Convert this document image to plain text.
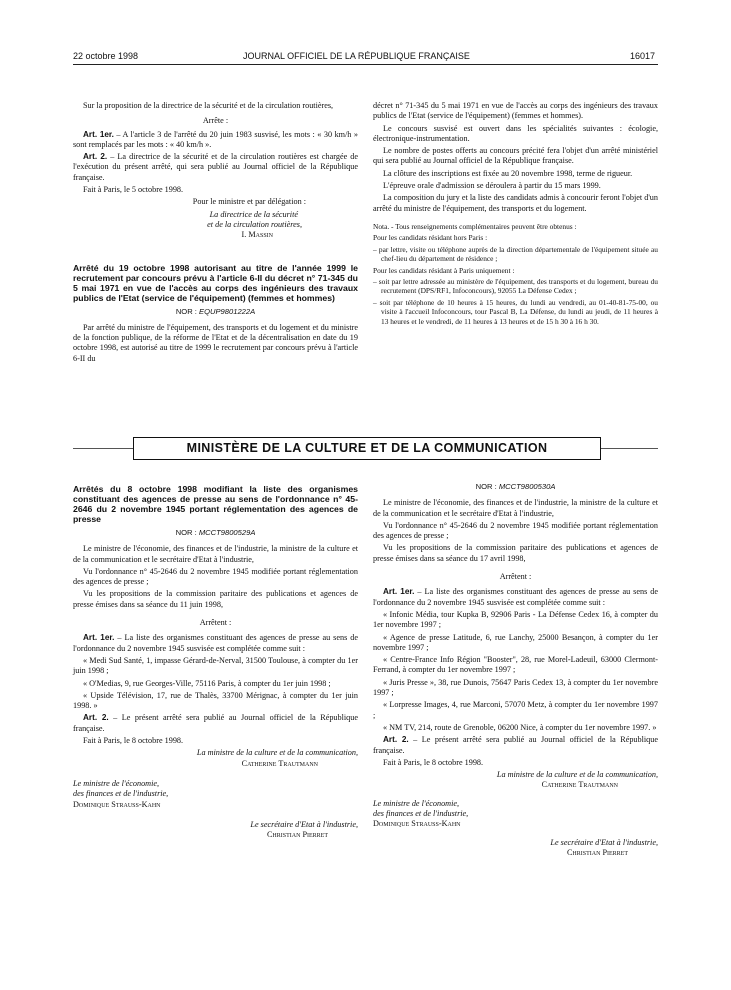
22 octobre 1998	JOURNAL OFFICIEL DE LA RÉPUBLIQUE FRANÇAISE	16017

Sur la proposition de la directrice de la sécurité et de la circulation routières,

Arrête :

Art. 1er. – A l'article 3 de l'arrêté du 20 juin 1983 susvisé, les mots : « 30 km/h » sont remplacés par les mots : « 40 km/h ».

Art. 2. – La directrice de la sécurité et de la circulation routières est chargée de l'exécution du présent arrêté, qui sera publié au Journal officiel de la République française.

Fait à Paris, le 5 octobre 1998.

Pour le ministre et par délégation :

La directrice de la sécurité

et de la circulation routières,

I. Massin

Arrêté du 19 octobre 1998 autorisant au titre de l'année 1999 le recrutement par concours prévu à l'article 6-II du décret n° 71-345 du 5 mai 1971 en vue de l'accès au corps des ingénieurs des travaux publics de l'Etat (service de l'équipement) (femmes et hommes)

NOR : EQUP9801222A

Par arrêté du ministre de l'équipement, des transports et du logement et du ministre de la fonction publique, de la réforme de l'Etat et de la décentralisation en date du 19 octobre 1998, est autorisé au titre de 1999 le recrutement par concours prévu à l'article 6-II du

décret n° 71-345 du 5 mai 1971 en vue de l'accès au corps des ingénieurs des travaux publics de l'Etat (service de l'équipement) (femmes et hommes).

Le concours susvisé est ouvert dans les spécialités suivantes : écologie, électronique-instrumentation.

Le nombre de postes offerts au concours précité fera l'objet d'un arrêté ministériel qui sera publié au Journal officiel de la République française.

La clôture des inscriptions est fixée au 20 novembre 1998, terme de rigueur.

L'épreuve orale d'admission se déroulera à partir du 15 mars 1999.

La composition du jury et la liste des candidats admis à concourir feront l'objet d'un arrêté du ministre de l'équipement, des transports et du logement.

Nota. - Tous renseignements complémentaires peuvent être obtenus :

Pour les candidats résidant hors Paris :

– par lettre, visite ou téléphone auprès de la direction départementale de l'équipement située au chef-lieu du département de résidence ;

Pour les candidats résidant à Paris uniquement :

– soit par lettre adressée au ministère de l'équipement, des transports et du logement, bureau du recrutement (DPS/RF1, Infoconcours), 92055 La Défense Cedex ;

– soit par téléphone de 10 heures à 15 heures, du lundi au vendredi, au 01-40-81-75-00, ou visite à l'accueil Infoconcours, tour Pascal B, La Défense, du lundi au jeudi, de 11 heures à 13 heures et le vendredi, de 11 heures à 13 heures et de 15 h 30 à 16 h 30.

MINISTÈRE DE LA CULTURE ET DE LA COMMUNICATION
Arrêtés du 8 octobre 1998 modifiant la liste des organismes constituant des agences de presse au sens de l'ordonnance n° 45-2646 du 2 novembre 1945 portant réglementation des agences de presse

NOR : MCCT9800529A

Le ministre de l'économie, des finances et de l'industrie, la ministre de la culture et de la communication et le secrétaire d'Etat à l'industrie,

Vu l'ordonnance n° 45-2646 du 2 novembre 1945 modifiée portant réglementation des agences de presse ;

Vu les propositions de la commission paritaire des publications et agences de presse émises dans sa séance du 11 juin 1998,

Arrêtent :

Art. 1er. – La liste des organismes constituant des agences de presse au sens de l'ordonnance du 2 novembre 1945 susvisée est complétée comme suit :

« Medi Sud Santé, 1, impasse Gérard-de-Nerval, 31500 Toulouse, à compter du 1er juin 1998 ;

« O'Medias, 9, rue Georges-Ville, 75116 Paris, à compter du 1er juin 1998 ;

« Upside Télévision, 17, rue de Thalès, 33700 Mérignac, à compter du 1er juin 1998. »

Art. 2. – Le présent arrêté sera publié au Journal officiel de la République française.

Fait à Paris, le 8 octobre 1998.

La ministre de la culture et de la communication,

Catherine Trautmann

Le ministre de l'économie,

des finances et de l'industrie,

Dominique Strauss-Kahn

Le secrétaire d'Etat à l'industrie,

Christian Pierret

NOR : MCCT9800530A

Le ministre de l'économie, des finances et de l'industrie, la ministre de la culture et de la communication et le secrétaire d'Etat à l'industrie,

Vu l'ordonnance n° 45-2646 du 2 novembre 1945 modifiée portant réglementation des agences de presse ;

Vu les propositions de la commission paritaire des publications et agences de presse émises dans sa séance du 17 avril 1998,

Arrêtent :

Art. 1er. – La liste des organismes constituant des agences de presse au sens de l'ordonnance du 2 novembre 1945 susvisée est complétée comme suit :

« Infonic Média, tour Kupka B, 92906 Paris - La Défense Cedex 16, à compter du 1er novembre 1997 ;

« Agence de presse Latitude, 6, rue Lanchy, 25000 Besançon, à compter du 1er novembre 1997 ;

« Centre-France Info Région "Booster", 28, rue Morel-Ladeuil, 63000 Clermont-Ferrand, à compter du 1er novembre 1997 ;

« Juris Presse », 38, rue Dunois, 75647 Paris Cedex 13, à compter du 1er novembre 1997 ;

« Lorpresse Images, 4, rue Marconi, 57070 Metz, à compter du 1er novembre 1997 ;

« NM TV, 214, route de Grenoble, 06200 Nice, à compter du 1er novembre 1997. »

Art. 2. – Le présent arrêté sera publié au Journal officiel de la République française.

Fait à Paris, le 8 octobre 1998.

La ministre de la culture et de la communication,

Catherine Trautmann

Le ministre de l'économie,

des finances et de l'industrie,

Dominique Strauss-Kahn

Le secrétaire d'Etat à l'industrie,

Christian Pierret
